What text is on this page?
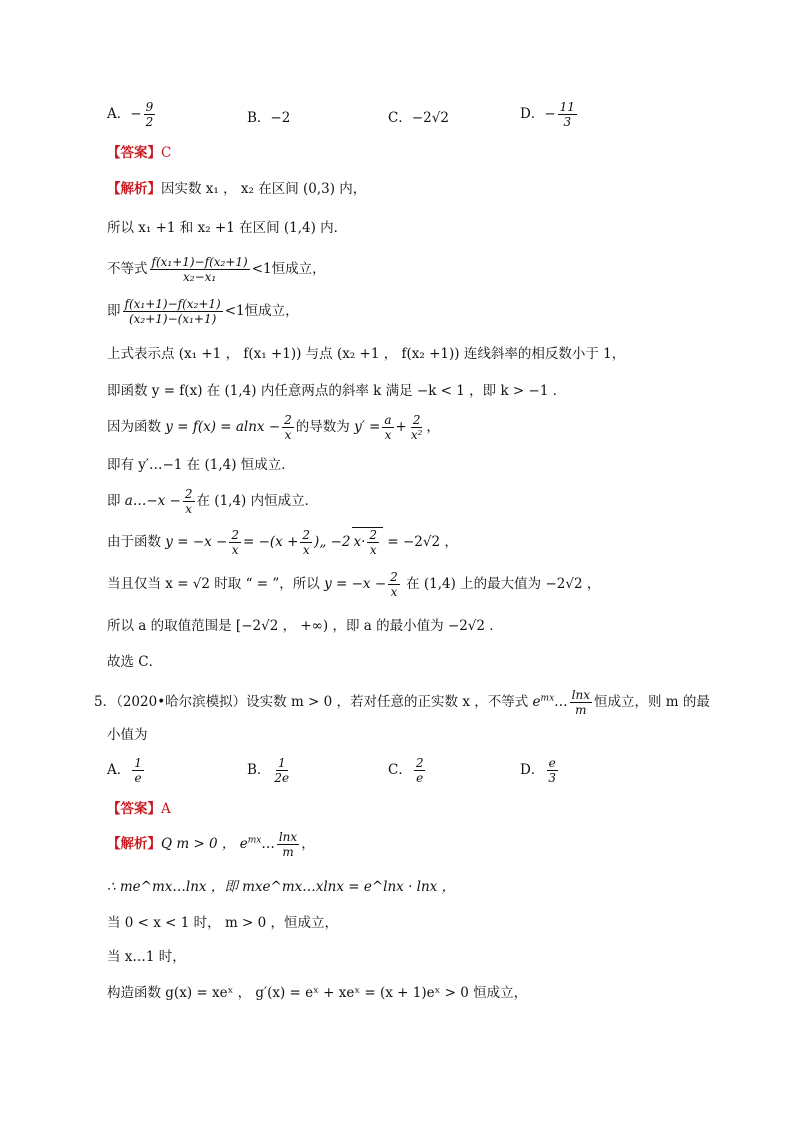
A．− $\frac{9}{2}$	B．−2	C．−2√2	D．− $\frac{11}{3}$
【答案】C
【解析】因实数 x₁ ， x₂ 在区间 (0,3) 内，
所以 x₁ +1 和 x₂ +1 在区间 (1,4) 内．
不等式 $\frac{\text{f(x₁+1)−f(x₂+1)}}{\text{x₂−x₁}} <1$恒成立，
即 $\frac{\text{f(x₁+1)−f(x₂+1)}}{\text{(x₂+1)−(x₁+1)}} <1$恒成立，
上式表示点 (x₁ +1 ， f(x₁ +1)) 与点 (x₂ +1 ， f(x₂ +1)) 连线斜率的相反数小于 1，
即函数 y = f(x) 在 (1,4) 内任意两点的斜率 k 满足 −k < 1 ，即 k > −1 ．
因为函数 $y = f(x) = alnx - \frac{2}{x}$ 的导数为 $y' = \frac{a}{x} + \frac{2}{\text{x²}}$ ，
即有 y′…−1 在 (1,4) 恒成立．
即 a…−x − $\frac{2}{x}$ 在 (1,4) 内恒成立．
由于函数 $y = -x - \frac{2}{x} = -(x + \frac{2}{x}$ )„ −2 $x\cdot \frac{2}{x} = -2√2$ ，
当且仅当 x = √2 时取 “ = ”，所以 $y = -x - \frac{2}{x}$ 在 (1,4) 上的最大值为 −2√2 ，
所以 a 的取值范围是 [−2√2 ， +∞) ，即 a 的最小值为 −2√2 ．
故选 C．
5．（2020•哈尔滨模拟）设实数 m > 0 ，若对任意的正实数 x ，不等式 $e^{mx}\dots \frac{\ln x}{m}$ 恒成立，则 m 的最
小值为
A． $\frac{1}{e}$	B． $\frac{1}{2e}$	C． $\frac{2}{e}$	D． $\frac{e}{3}$
【答案】A
【解析】Q m > 0 ， $e^{mx}\dots \frac{\ln x}{m}$ ，
∴ me^mx…lnx ，即 mxe^mx…xlnx = e^lnx · lnx ，
当 0 < x < 1 时， m > 0 ，恒成立，
当 x…1 时，
构造函数 g(x) = xeˣ ， g′(x) = eˣ + xeˣ = (x + 1)eˣ > 0 恒成立，
